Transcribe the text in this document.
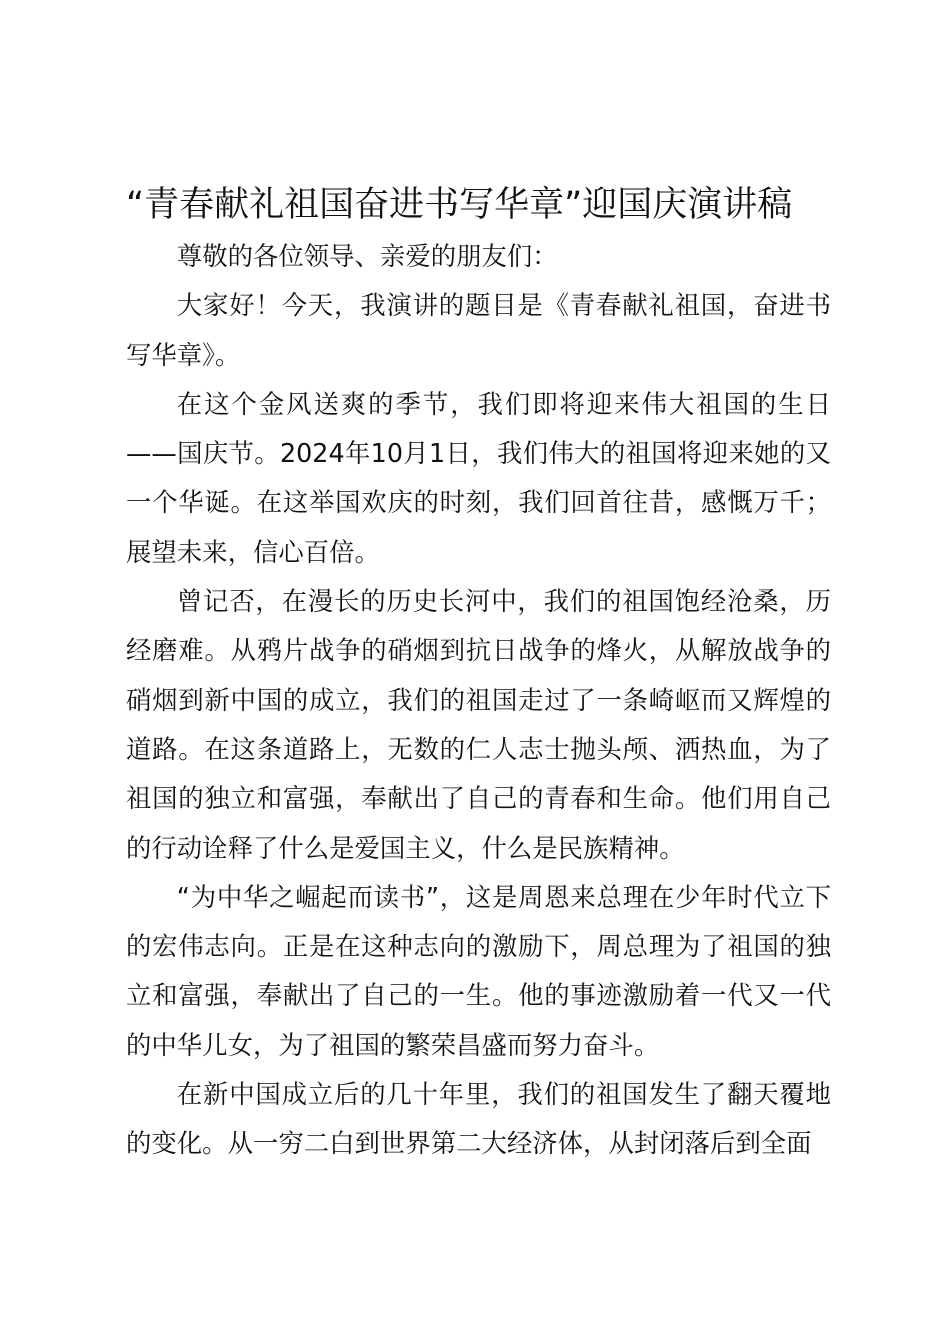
“青春献礼祖国奋进书写华章”迎国庆演讲稿

尊敬的各位领导、亲爱的朋友们：

大家好！今天，我演讲的题目是《青春献礼祖国，奋进书写华章》。

在这个金风送爽的季节，我们即将迎来伟大祖国的生日——国庆节。2024年10月1日，我们伟大的祖国将迎来她的又一个华诞。在这举国欢庆的时刻，我们回首往昔，感慨万千；展望未来，信心百倍。

曾记否，在漫长的历史长河中，我们的祖国饱经沧桑，历经磨难。从鸦片战争的硝烟到抗日战争的烽火，从解放战争的硝烟到新中国的成立，我们的祖国走过了一条崎岖而又辉煌的道路。在这条道路上，无数的仁人志士抛头颅、洒热血，为了祖国的独立和富强，奉献出了自己的青春和生命。他们用自己的行动诠释了什么是爱国主义，什么是民族精神。

“为中华之崛起而读书”，这是周恩来总理在少年时代立下的宏伟志向。正是在这种志向的激励下，周总理为了祖国的独立和富强，奉献出了自己的一生。他的事迹激励着一代又一代的中华儿女，为了祖国的繁荣昌盛而努力奋斗。

在新中国成立后的几十年里，我们的祖国发生了翻天覆地的变化。从一穷二白到世界第二大经济体，从封闭落后到全面
